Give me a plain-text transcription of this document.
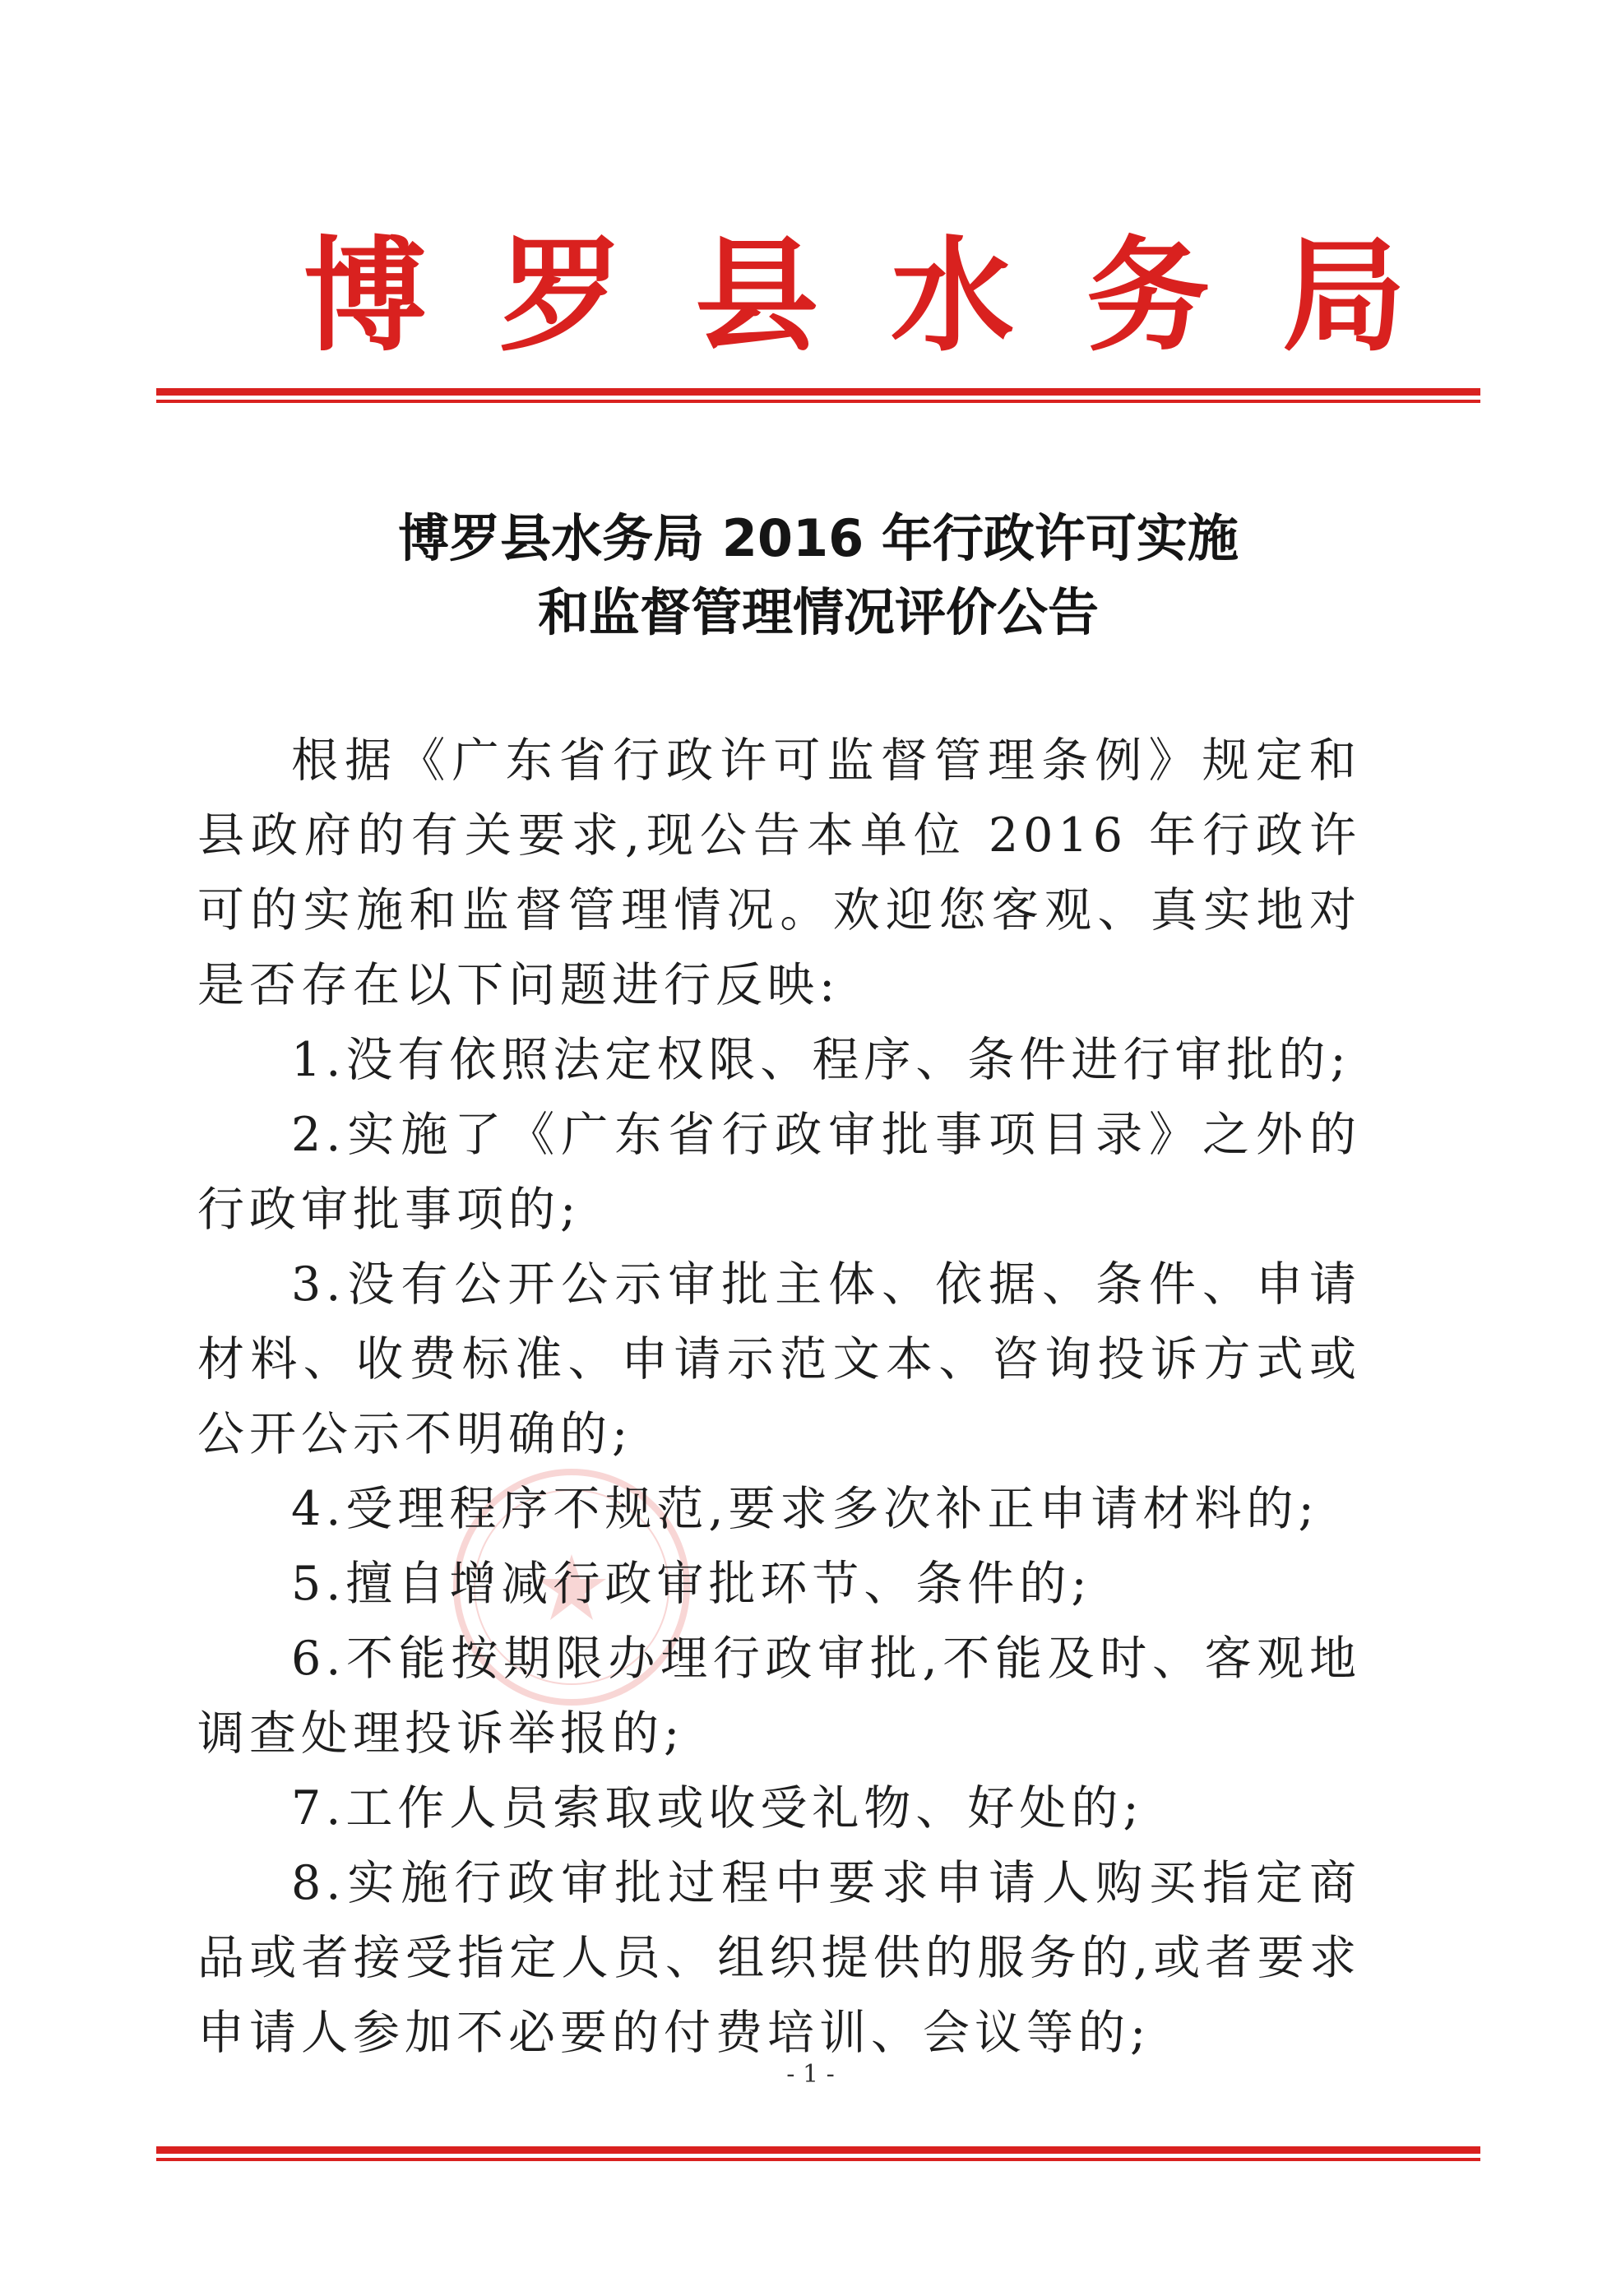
博罗县水务局
博罗县水务局 2016 年行政许可实施
和监督管理情况评价公告

根据《广东省行政许可监督管理条例》规定和县政府的有关要求,现公告本单位 2016 年行政许可的实施和监督管理情况。欢迎您客观、真实地对是否存在以下问题进行反映:

1.没有依照法定权限、程序、条件进行审批的;

2.实施了《广东省行政审批事项目录》之外的行政审批事项的;

3.没有公开公示审批主体、依据、条件、申请材料、收费标准、申请示范文本、咨询投诉方式或公开公示不明确的;

4.受理程序不规范,要求多次补正申请材料的;

5.擅自增减行政审批环节、条件的;

6.不能按期限办理行政审批,不能及时、客观地调查处理投诉举报的;

7.工作人员索取或收受礼物、好处的;

8.实施行政审批过程中要求申请人购买指定商品或者接受指定人员、组织提供的服务的,或者要求申请人参加不必要的付费培训、会议等的;

- 1 -
